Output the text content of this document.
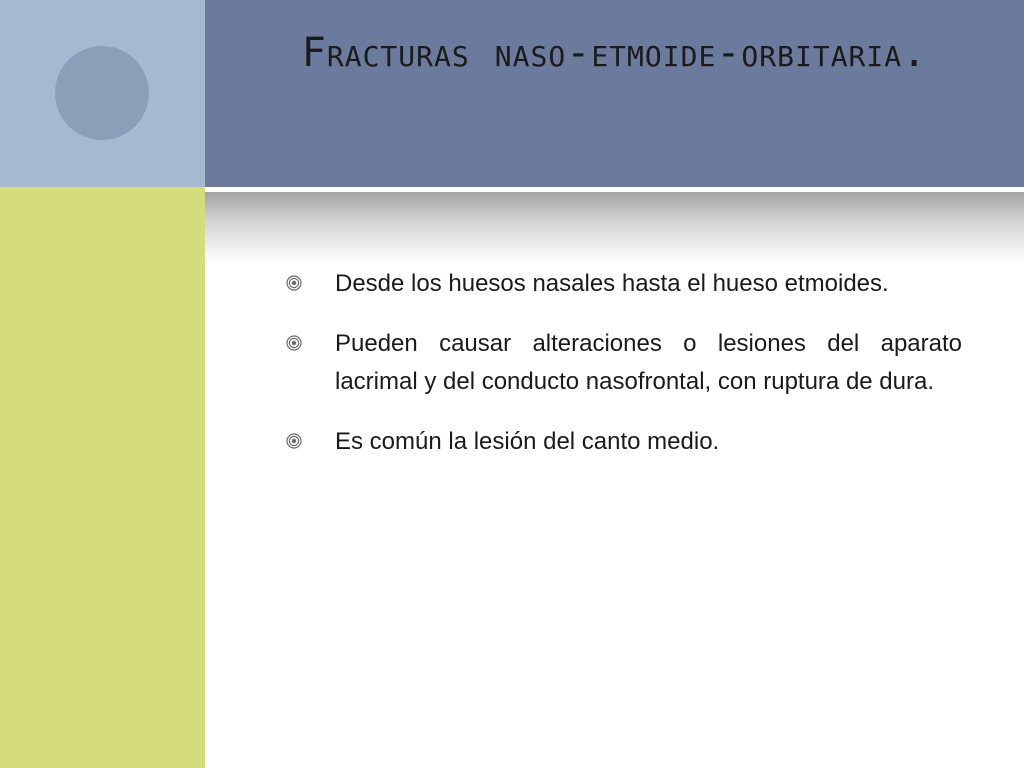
Fracturas naso-etmoide-orbitaria.
Desde los huesos nasales hasta el hueso etmoides.
Pueden causar alteraciones o lesiones del aparato lacrimal y del conducto nasofrontal, con ruptura de dura.
Es común la lesión del canto medio.
